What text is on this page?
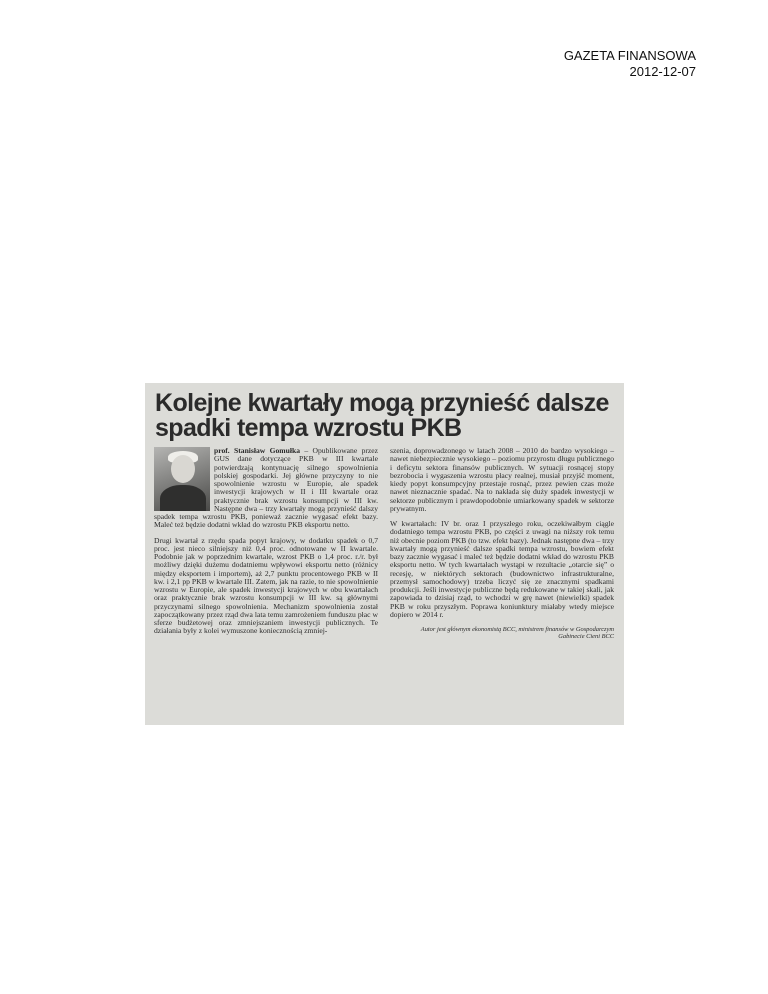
GAZETA FINANSOWA
2012-12-07
Kolejne kwartały mogą przynieść dalsze
spadki tempa wzrostu PKB

prof. Stanisław Gomułka – Opublikowane przez GUS dane dotyczące PKB w III kwartale potwierdzają kontynuację silnego spowolnienia polskiej gospodarki. Jej główne przyczyny to nie spowolnienie wzrostu w Europie, ale spadek inwestycji krajowych w II i III kwartale oraz praktycznie brak wzrostu konsumpcji w III kw. Następne dwa – trzy kwartały mogą przynieść dalszy spadek tempa wzrostu PKB, ponieważ zacznie wygasać efekt bazy. Maleć też będzie dodatni wkład do wzrostu PKB eksportu netto.

Drugi kwartał z rzędu spada popyt krajowy, w dodatku spadek o 0,7 proc. jest nieco silniejszy niż 0,4 proc. odnotowane w II kwartale. Podobnie jak w poprzednim kwartale, wzrost PKB o 1,4 proc. r./r. był możliwy dzięki dużemu dodatniemu wpływowi eksportu netto (różnicy między eksportem i importem), aż 2,7 punktu procentowego PKB w II kw. i 2,1 pp PKB w kwartale III. Zatem, jak na razie, to nie spowolnienie wzrostu w Europie, ale spadek inwestycji krajowych w obu kwartałach oraz praktycznie brak wzrostu konsumpcji w III kw. są głównymi przyczynami silnego spowolnienia. Mechanizm spowolnienia został zapoczątkowany przez rząd dwa lata temu zamrożeniem funduszu płac w sferze budżetowej oraz zmniejszaniem inwestycji publicznych. Te działania były z kolei wymuszone koniecznością zmniej-

szenia, doprowadzonego w latach 2008 – 2010 do bardzo wysokiego – nawet niebezpiecznie wysokiego – poziomu przyrostu długu publicznego i deficytu sektora finansów publicznych. W sytuacji rosnącej stopy bezrobocia i wygaszenia wzrostu płacy realnej, musiał przyjść moment, kiedy popyt konsumpcyjny przestaje rosnąć, przez pewien czas może nawet nieznacznie spadać. Na to nakłada się duży spadek inwestycji w sektorze publicznym i prawdopodobnie umiarkowany spadek w sektorze prywatnym.

W kwartałach: IV br. oraz I przyszłego roku, oczekiwałbym ciągle dodatniego tempa wzrostu PKB, po części z uwagi na niższy rok temu niż obecnie poziom PKB (to tzw. efekt bazy). Jednak następne dwa – trzy kwartały mogą przynieść dalsze spadki tempa wzrostu, bowiem efekt bazy zacznie wygasać i maleć też będzie dodatni wkład do wzrostu PKB eksportu netto. W tych kwartałach wystąpi w rezultacie „otarcie się” o recesję, w niektórych sektorach (budownictwo infrastrukturalne, przemysł samochodowy) trzeba liczyć się ze znacznymi spadkami produkcji. Jeśli inwestycje publiczne będą redukowane w takiej skali, jak zapowiada to dzisiaj rząd, to wchodzi w grę nawet (niewielki) spadek PKB w roku przyszłym. Poprawa koniunktury miałaby wtedy miejsce dopiero w 2014 r.

Autor jest głównym ekonomistą BCC, ministrem finansów w Gospodarczym
Gabinecie Cieni BCC
